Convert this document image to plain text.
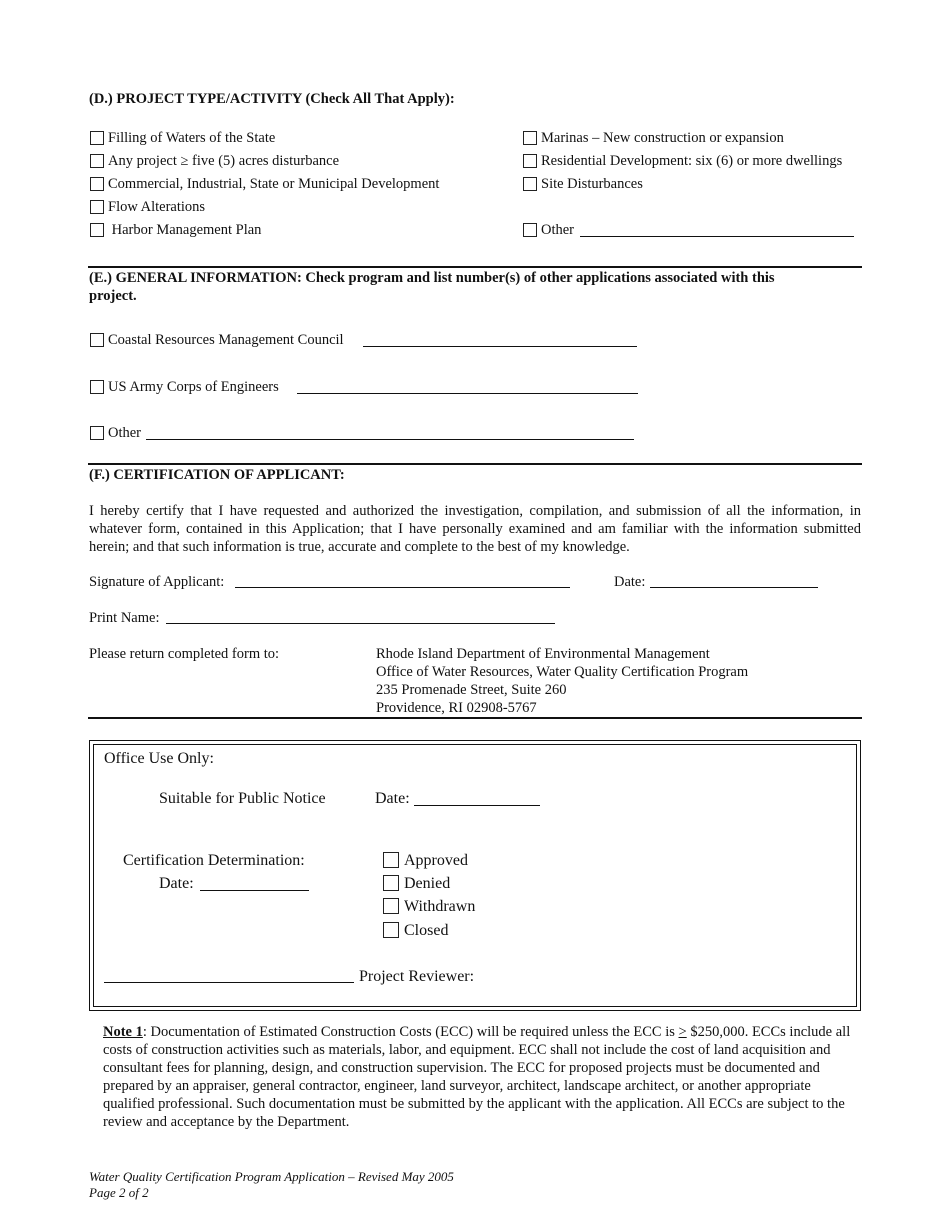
(D.) PROJECT TYPE/ACTIVITY (Check All That Apply):
Filling of Waters of the State
Any project ≥ five (5) acres disturbance
Commercial, Industrial, State or Municipal Development
Flow Alterations
Harbor Management Plan
Marinas – New construction or expansion
Residential Development: six (6) or more dwellings
Site Disturbances
Other
(E.) GENERAL INFORMATION: Check program and list number(s) of other applications associated with this
project.
Coastal Resources Management Council
US Army Corps of Engineers
Other
(F.) CERTIFICATION OF APPLICANT:
I hereby certify that I have requested and authorized the investigation, compilation, and submission of all the information, in whatever form, contained in this Application; that I have personally examined and am familiar with the information submitted herein; and that such information is true, accurate and complete to the best of my knowledge.
Signature of Applicant:	Date:
Print Name:
Please return completed form to:	Rhode Island Department of Environmental Management
Office of Water Resources, Water Quality Certification Program
235 Promenade Street, Suite 260
Providence, RI 02908-5767
Office Use Only:
Suitable for Public Notice	Date:
Certification Determination:
Date:
Approved
Denied
Withdrawn
Closed
Project Reviewer:
Note 1: Documentation of Estimated Construction Costs (ECC) will be required unless the ECC is ≥ $250,000. ECCs include all costs of construction activities such as materials, labor, and equipment. ECC shall not include the cost of land acquisition and consultant fees for planning, design, and construction supervision. The ECC for proposed projects must be documented and prepared by an appraiser, general contractor, engineer, land surveyor, architect, landscape architect, or another appropriate qualified professional. Such documentation must be submitted by the applicant with the application. All ECCs are subject to the review and acceptance by the Department.
Water Quality Certification Program Application – Revised May 2005
Page 2 of 2
